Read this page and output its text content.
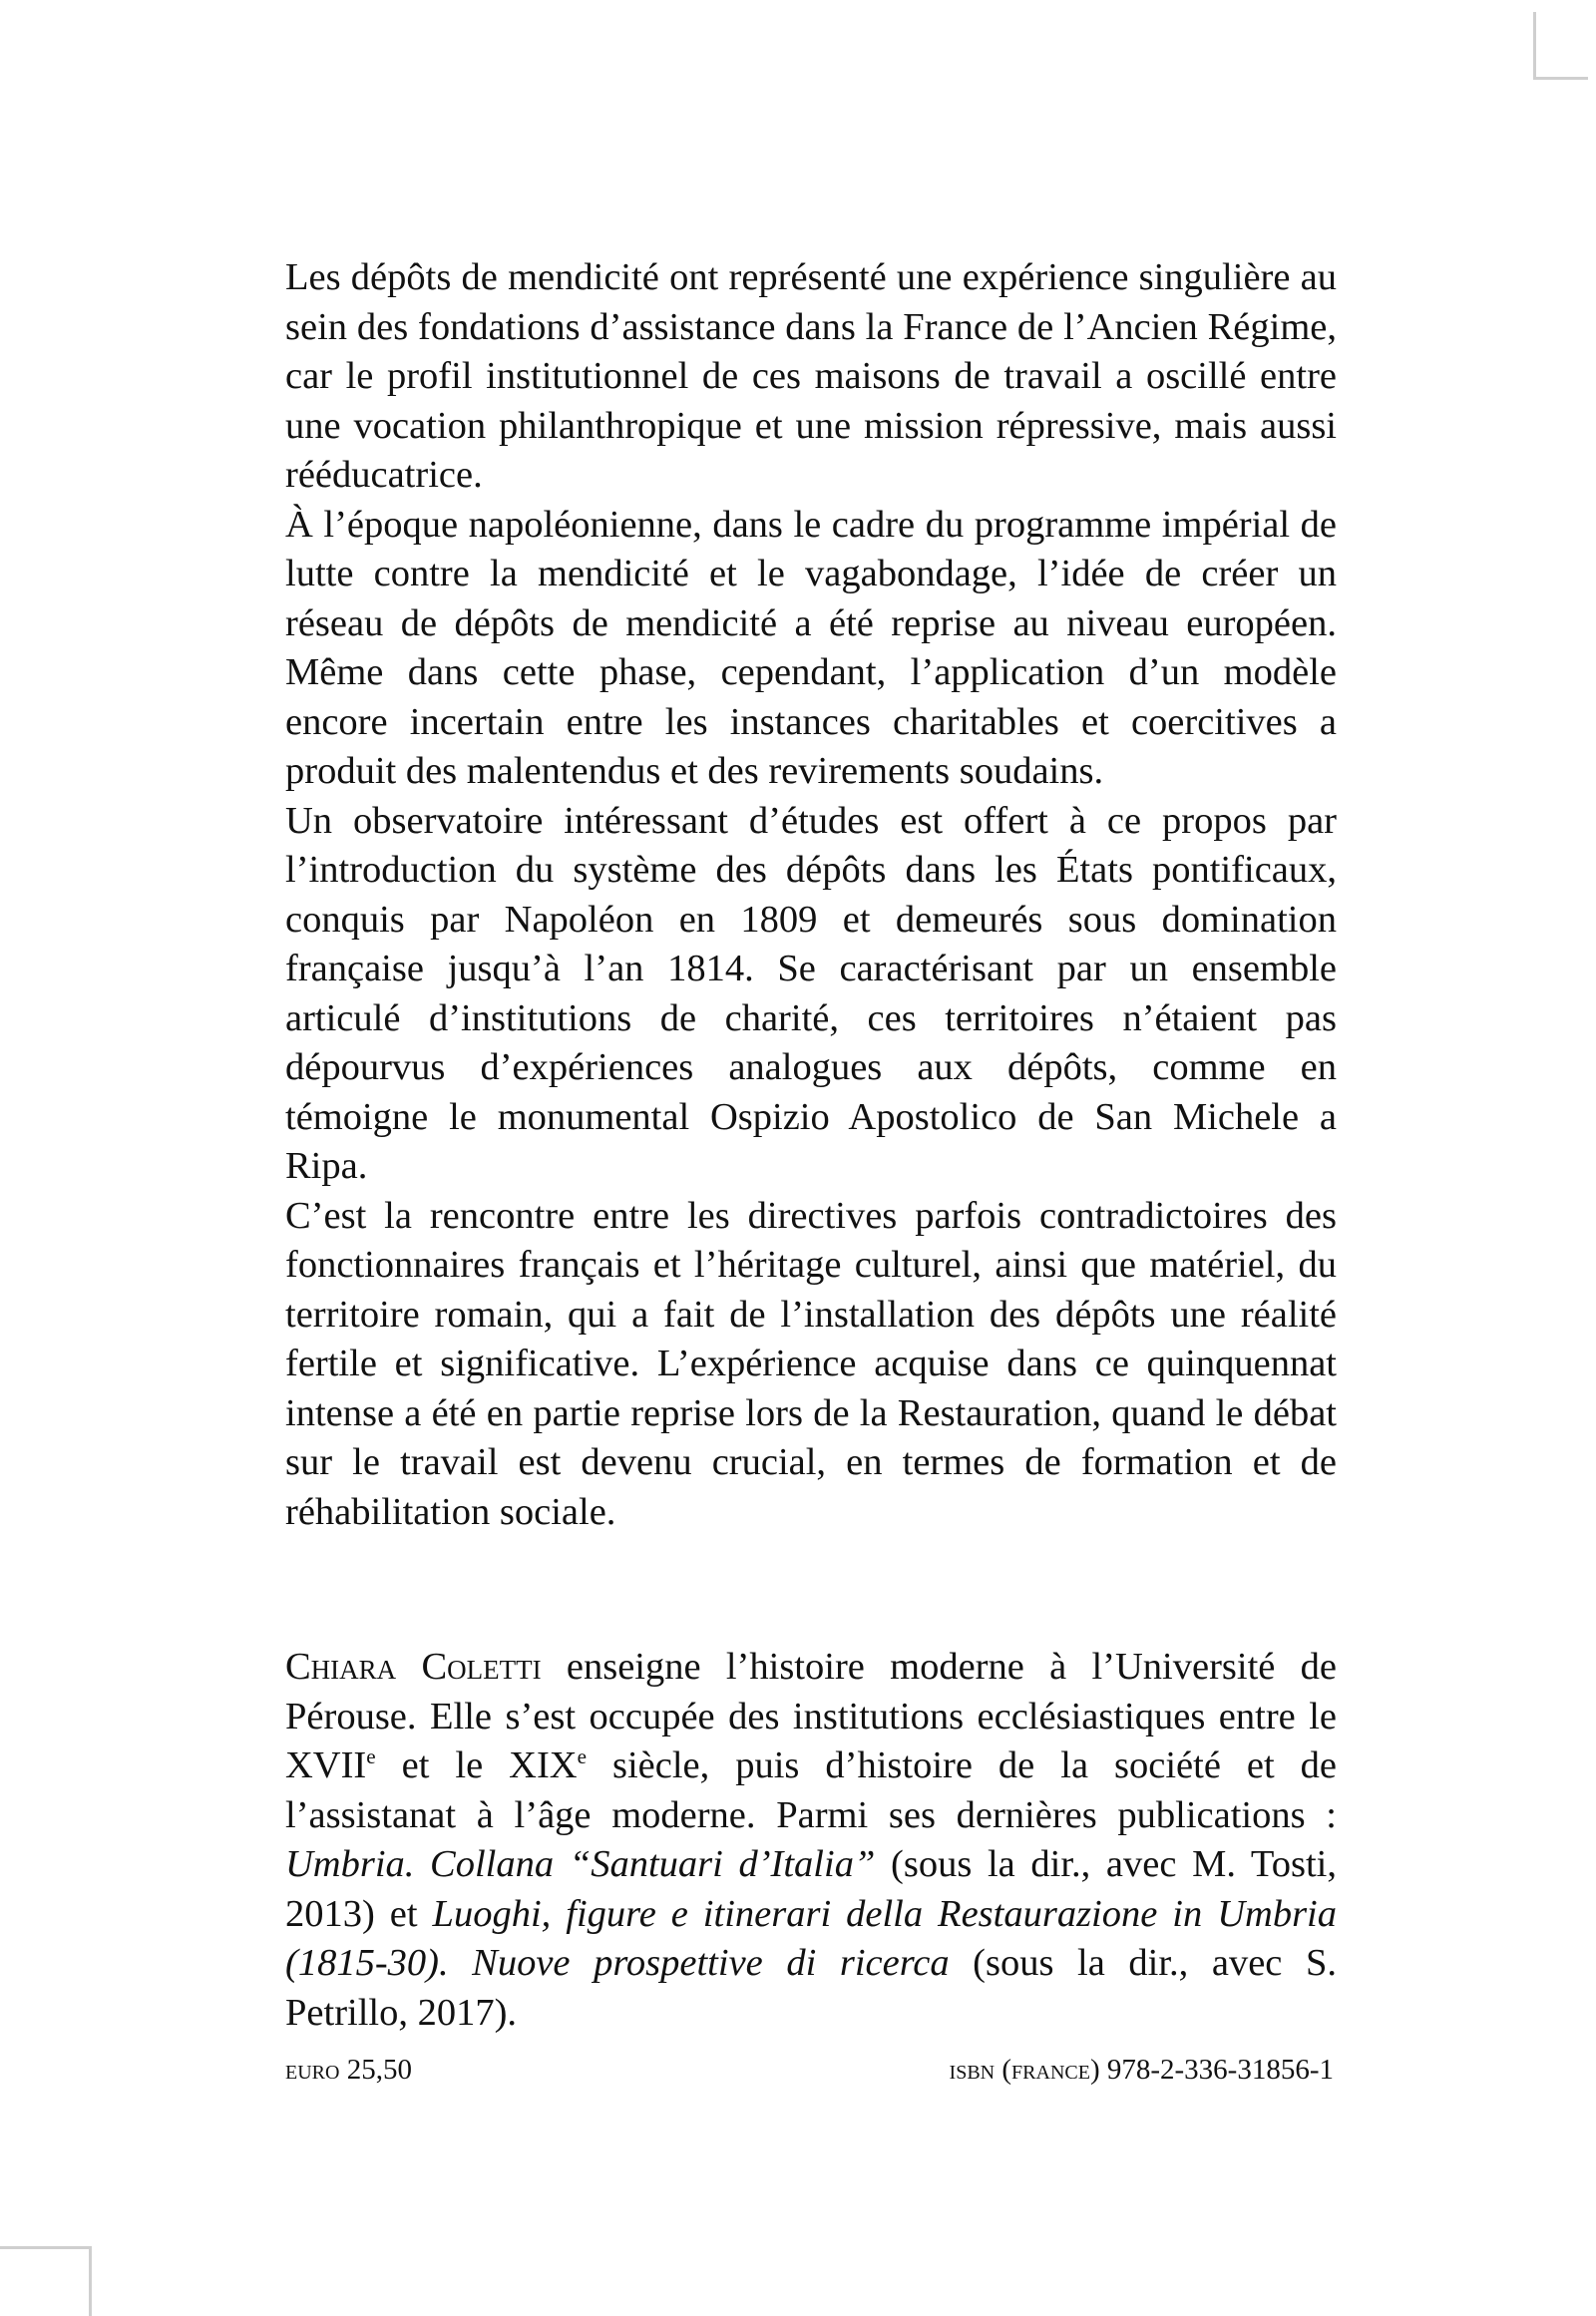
Les dépôts de mendicité ont représenté une expérience singulière au sein des fondations d’assistance dans la France de l’Ancien Régime, car le profil institutionnel de ces maisons de travail a oscillé entre une vocation philanthropique et une mission répressive, mais aussi rééducatrice.

À l’époque napoléonienne, dans le cadre du programme impérial de lutte contre la mendicité et le vagabondage, l’idée de créer un réseau de dépôts de mendicité a été reprise au niveau européen. Même dans cette phase, cependant, l’application d’un modèle encore incertain entre les instances charitables et coercitives a produit des malentendus et des revirements soudains.

Un observatoire intéressant d’études est offert à ce propos par l’introduction du système des dépôts dans les États pontificaux, conquis par Napoléon en 1809 et demeurés sous domination française jusqu’à l’an 1814. Se caractérisant par un ensemble articulé d’institutions de charité, ces territoires n’étaient pas dépourvus d’expériences analogues aux dépôts, comme en témoigne le monumental Ospizio Apostolico de San Michele a Ripa.

C’est la rencontre entre les directives parfois contradictoires des fonctionnaires français et l’héritage culturel, ainsi que matériel, du territoire romain, qui a fait de l’installation des dépôts une réalité fertile et significative. L’expérience acquise dans ce quinquennat intense a été en partie reprise lors de la Restauration, quand le débat sur le travail est devenu crucial, en termes de formation et de réhabilitation sociale.

Chiara Coletti enseigne l’histoire moderne à l’Université de Pérouse. Elle s’est occupée des institutions ecclésiastiques entre le XVIIe et le XIXe siècle, puis d’histoire de la société et de l’assistanat à l’âge moderne. Parmi ses dernières publications : Umbria. Collana “Santuari d’Italia” (sous la dir., avec M. Tosti, 2013) et Luoghi, figure e itinerari della Restaurazione in Umbria (1815-30). Nuove prospettive di ricerca (sous la dir., avec S. Petrillo, 2017).

euro 25,50	isbn (france) 978-2-336-31856-1
